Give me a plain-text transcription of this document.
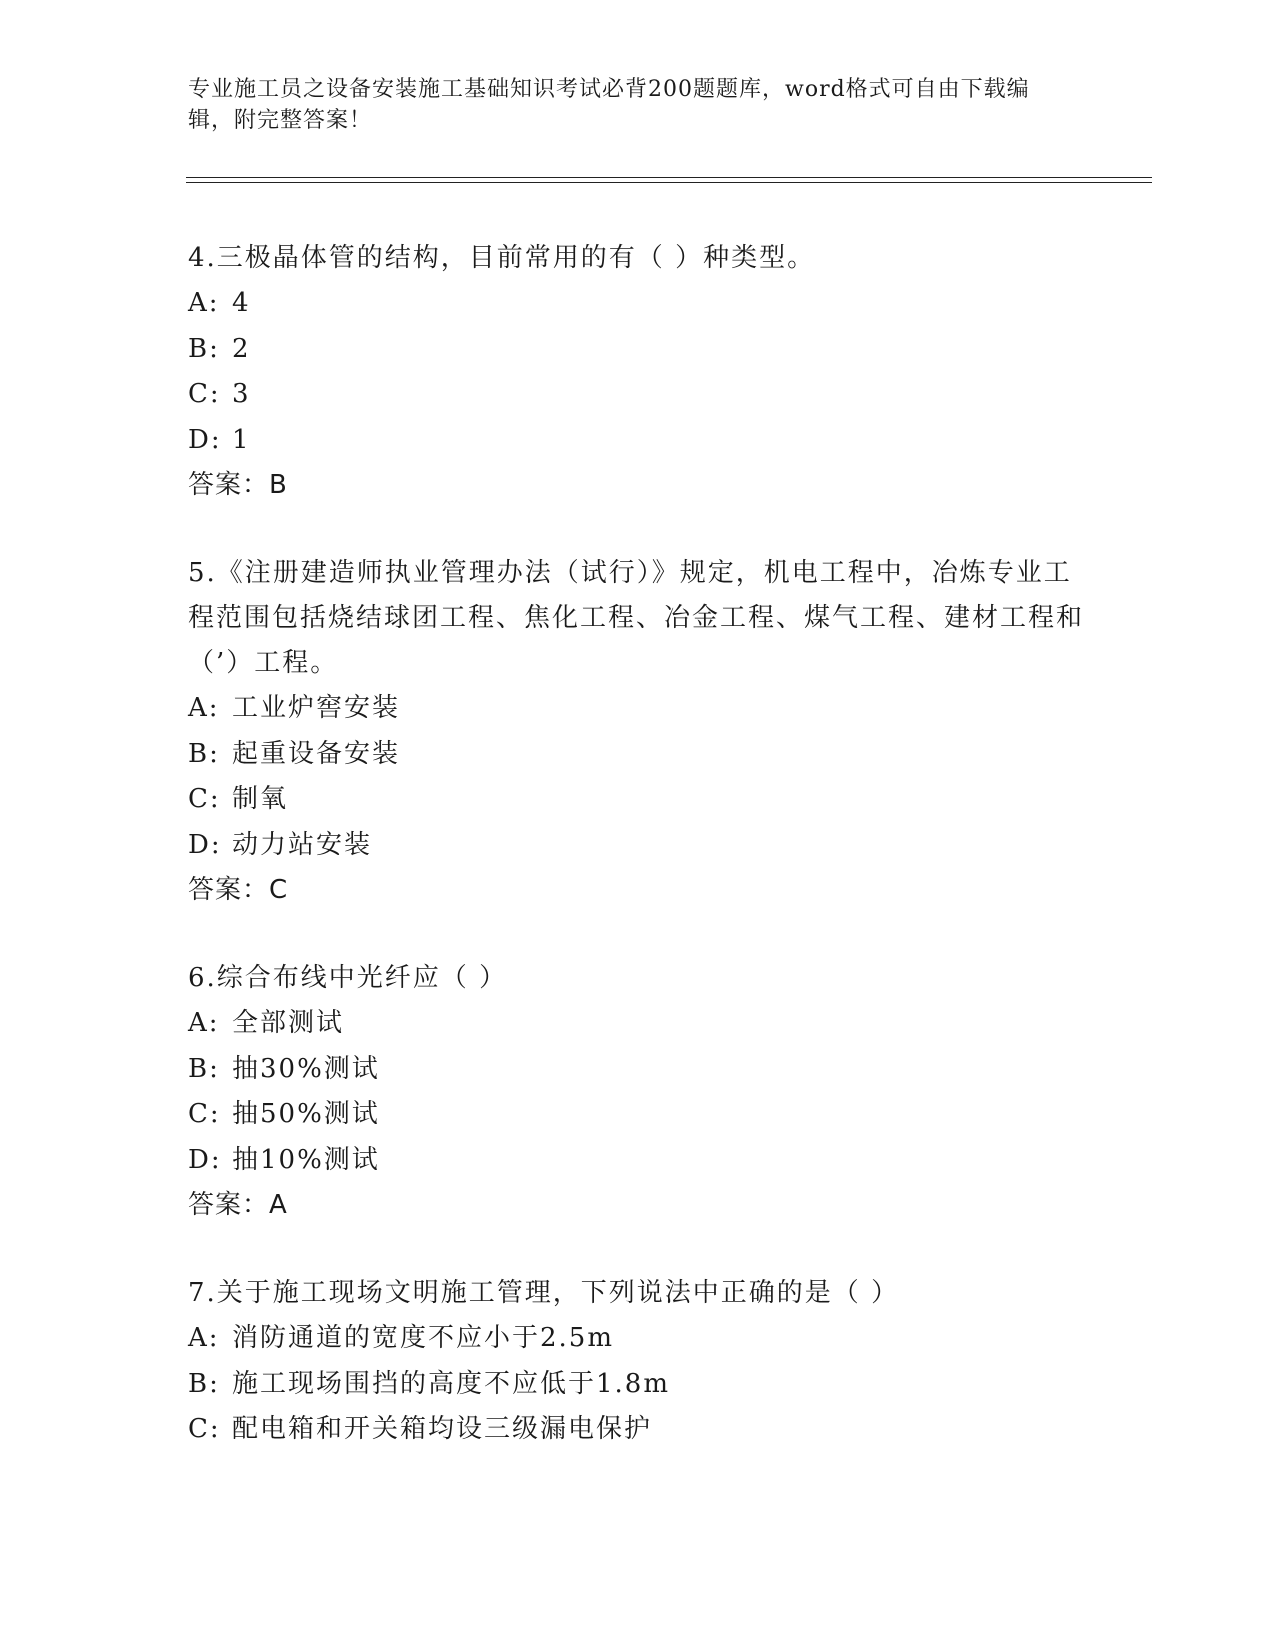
专业施工员之设备安装施工基础知识考试必背200题题库，word格式可自由下载编辑，附完整答案！
4.三极晶体管的结构，目前常用的有（ ）种类型。
A: 4
B: 2
C: 3
D: 1
答案：B
5.《注册建造师执业管理办法（试行）》规定，机电工程中，冶炼专业工程范围包括烧结球团工程、焦化工程、冶金工程、煤气工程、建材工程和（’）工程。
A: 工业炉窖安装
B: 起重设备安装
C: 制氧
D: 动力站安装
答案：C
6.综合布线中光纤应（ ）
A: 全部测试
B: 抽30%测试
C: 抽50%测试
D: 抽10%测试
答案：A
7.关于施工现场文明施工管理，下列说法中正确的是（ ）
A: 消防通道的宽度不应小于2.5m
B: 施工现场围挡的高度不应低于1.8m
C: 配电箱和开关箱均设三级漏电保护
